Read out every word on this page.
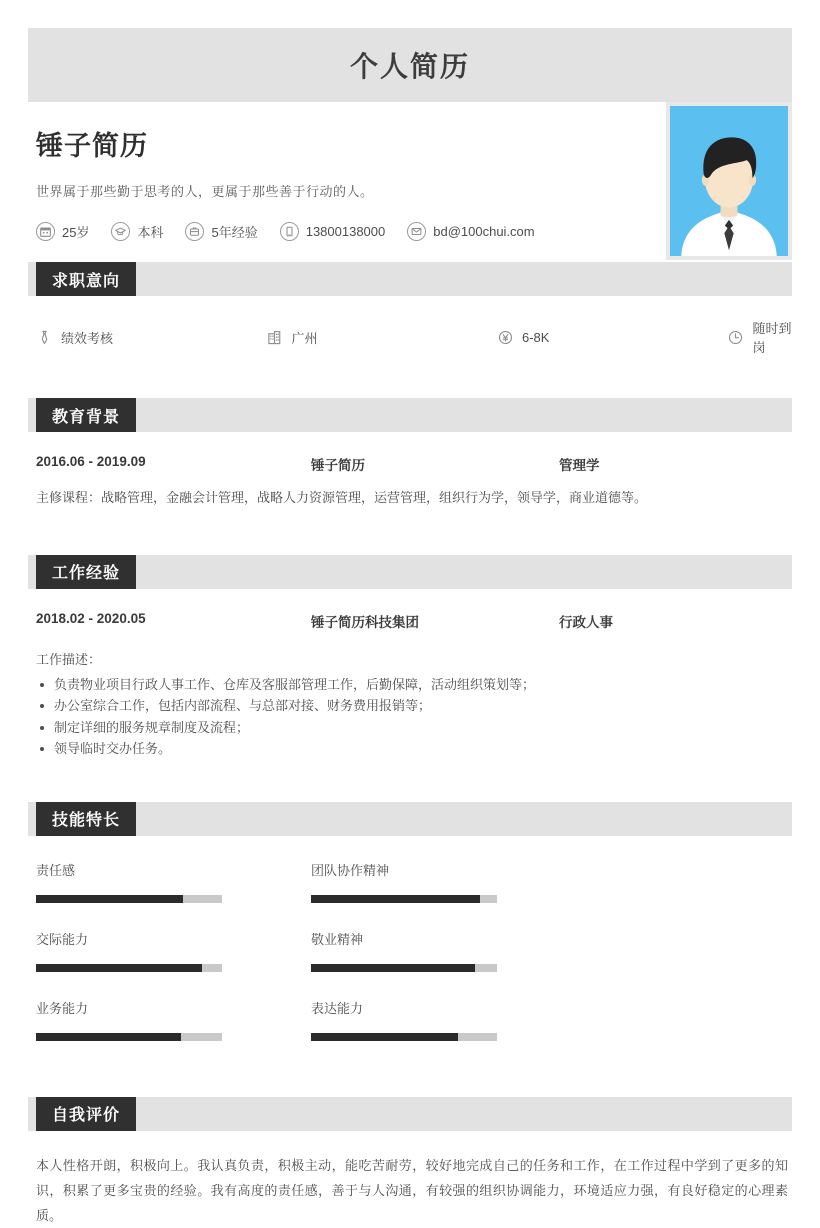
个人简历
锤子简历
世界属于那些勤于思考的人，更属于那些善于行动的人。
25岁	本科	5年经验	13800138000	bd@100chui.com
求职意向
绩效考核	广州	6-8K
随时到岗
教育背景
2016.06 - 2019.09	锤子简历	管理学
主修课程：战略管理，金融会计管理，战略人力资源管理，运营管理，组织行为学，领导学，商业道德等。
工作经验
2018.02 - 2020.05	锤子简历科技集团	行政人事
工作描述：
负责物业项目行政人事工作、仓库及客服部管理工作，后勤保障，活动组织策划等；
办公室综合工作，包括内部流程、与总部对接、财务费用报销等；
制定详细的服务规章制度及流程；
领导临时交办任务。
技能特长
责任感	团队协作精神
交际能力	敬业精神
业务能力	表达能力
自我评价
本人性格开朗，积极向上。我认真负责，积极主动，能吃苦耐劳，较好地完成自己的任务和工作，在工作过程中学到了更多的知识，积累了更多宝贵的经验。我有高度的责任感，善于与人沟通，有较强的组织协调能力，环境适应力强，有良好稳定的心理素质。
